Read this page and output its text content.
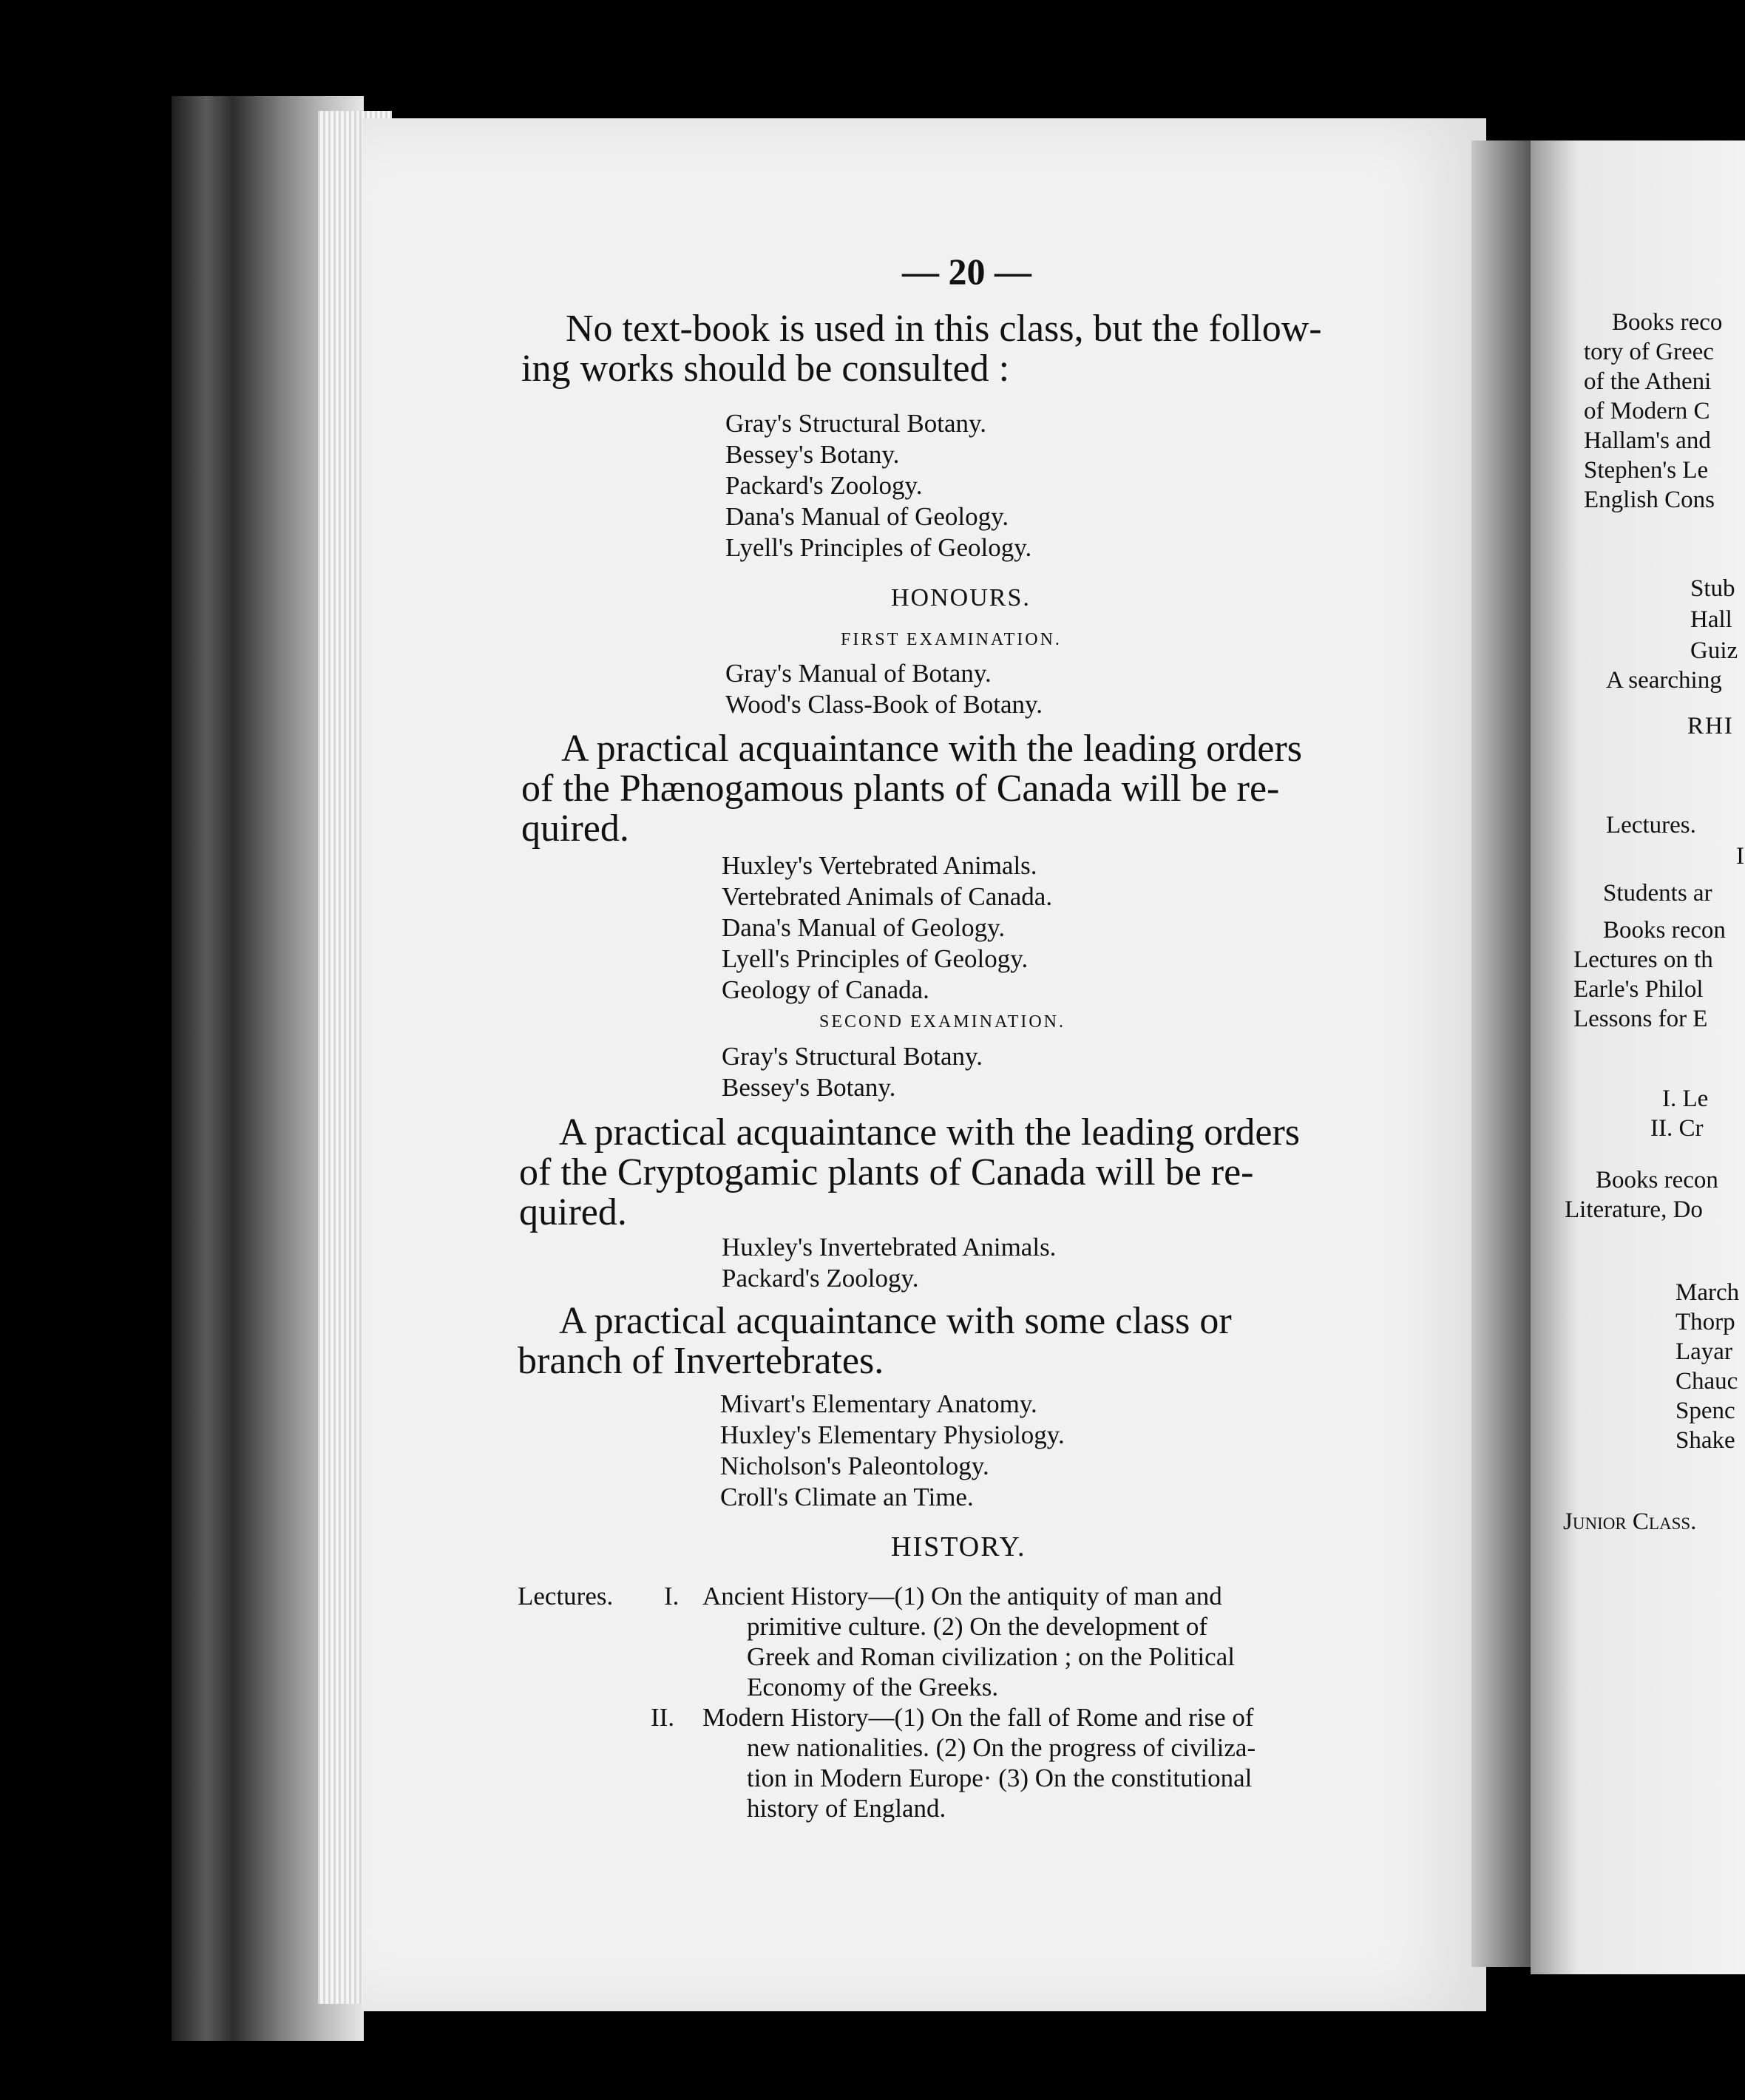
— 20 —
No text-book is used in this class, but the follow-
ing works should be consulted :
Gray's Structural Botany.
Bessey's Botany.
Packard's Zoology.
Dana's Manual of Geology.
Lyell's Principles of Geology.
HONOURS.
FIRST EXAMINATION.
Gray's Manual of Botany.
Wood's Class-Book of Botany.
A practical acquaintance with the leading orders
of the Phænogamous plants of Canada will be re-
quired.
Huxley's Vertebrated Animals.
Vertebrated Animals of Canada.
Dana's Manual of Geology.
Lyell's Principles of Geology.
Geology of Canada.
SECOND EXAMINATION.
Gray's Structural Botany.
Bessey's Botany.
A practical acquaintance with the leading orders
of the Cryptogamic plants of Canada will be re-
quired.
Huxley's Invertebrated Animals.
Packard's Zoology.
A practical acquaintance with some class or
branch of Invertebrates.
Mivart's Elementary Anatomy.
Huxley's Elementary Physiology.
Nicholson's Paleontology.
Croll's Climate an Time.
HISTORY.
Lectures. I. Ancient History—(1) On the antiquity of man and
primitive culture. (2) On the development of
Greek and Roman civilization ; on the Political
Economy of the Greeks.
II. Modern History—(1) On the fall of Rome and rise of
new nationalities. (2) On the progress of civiliza-
tion in Modern Europe· (3) On the constitutional
history of England.
Books reco
tory of Greec
of the Atheni
of Modern C
Hallam's and
Stephen's Le
English Cons
Stub
Hall
Guiz
A searching
RHI
Lectures.
I
Students ar
Books recon
Lectures on th
Earle's Philol
Lessons for E
I. Le
II. Cr
Books recon
Literature, Do
March
Thorp
Layar
Chauc
Spenc
Shake
Junior Class.
